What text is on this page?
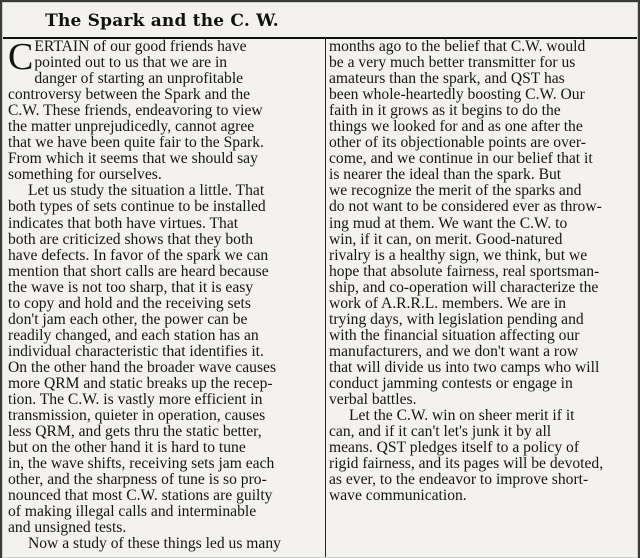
The Spark and the C. W.
C ERTAIN of our good friends have
pointed out to us that we are in
danger of starting an unprofitable
controversy between the Spark and the
C.W. These friends, endeavoring to view
the matter unprejudicedly, cannot agree
that we have been quite fair to the Spark.
From which it seems that we should say
something for ourselves.
Let us study the situation a little. That
both types of sets continue to be installed
indicates that both have virtues. That
both are criticized shows that they both
have defects. In favor of the spark we can
mention that short calls are heard because
the wave is not too sharp, that it is easy
to copy and hold and the receiving sets
don't jam each other, the power can be
readily changed, and each station has an
individual characteristic that identifies it.
On the other hand the broader wave causes
more QRM and static breaks up the recep-
tion. The C.W. is vastly more efficient in
transmission, quieter in operation, causes
less QRM, and gets thru the static better,
but on the other hand it is hard to tune
in, the wave shifts, receiving sets jam each
other, and the sharpness of tune is so pro-
nounced that most C.W. stations are guilty
of making illegal calls and interminable
and unsigned tests.
Now a study of these things led us many
months ago to the belief that C.W. would
be a very much better transmitter for us
amateurs than the spark, and QST has
been whole-heartedly boosting C.W. Our
faith in it grows as it begins to do the
things we looked for and as one after the
other of its objectionable points are over-
come, and we continue in our belief that it
is nearer the ideal than the spark. But
we recognize the merit of the sparks and
do not want to be considered ever as throw-
ing mud at them. We want the C.W. to
win, if it can, on merit. Good-natured
rivalry is a healthy sign, we think, but we
hope that absolute fairness, real sportsman-
ship, and co-operation will characterize the
work of A.R.R.L. members. We are in
trying days, with legislation pending and
with the financial situation affecting our
manufacturers, and we don't want a row
that will divide us into two camps who will
conduct jamming contests or engage in
verbal battles.
Let the C.W. win on sheer merit if it
can, and if it can't let's junk it by all
means. QST pledges itself to a policy of
rigid fairness, and its pages will be devoted,
as ever, to the endeavor to improve short-
wave communication.
